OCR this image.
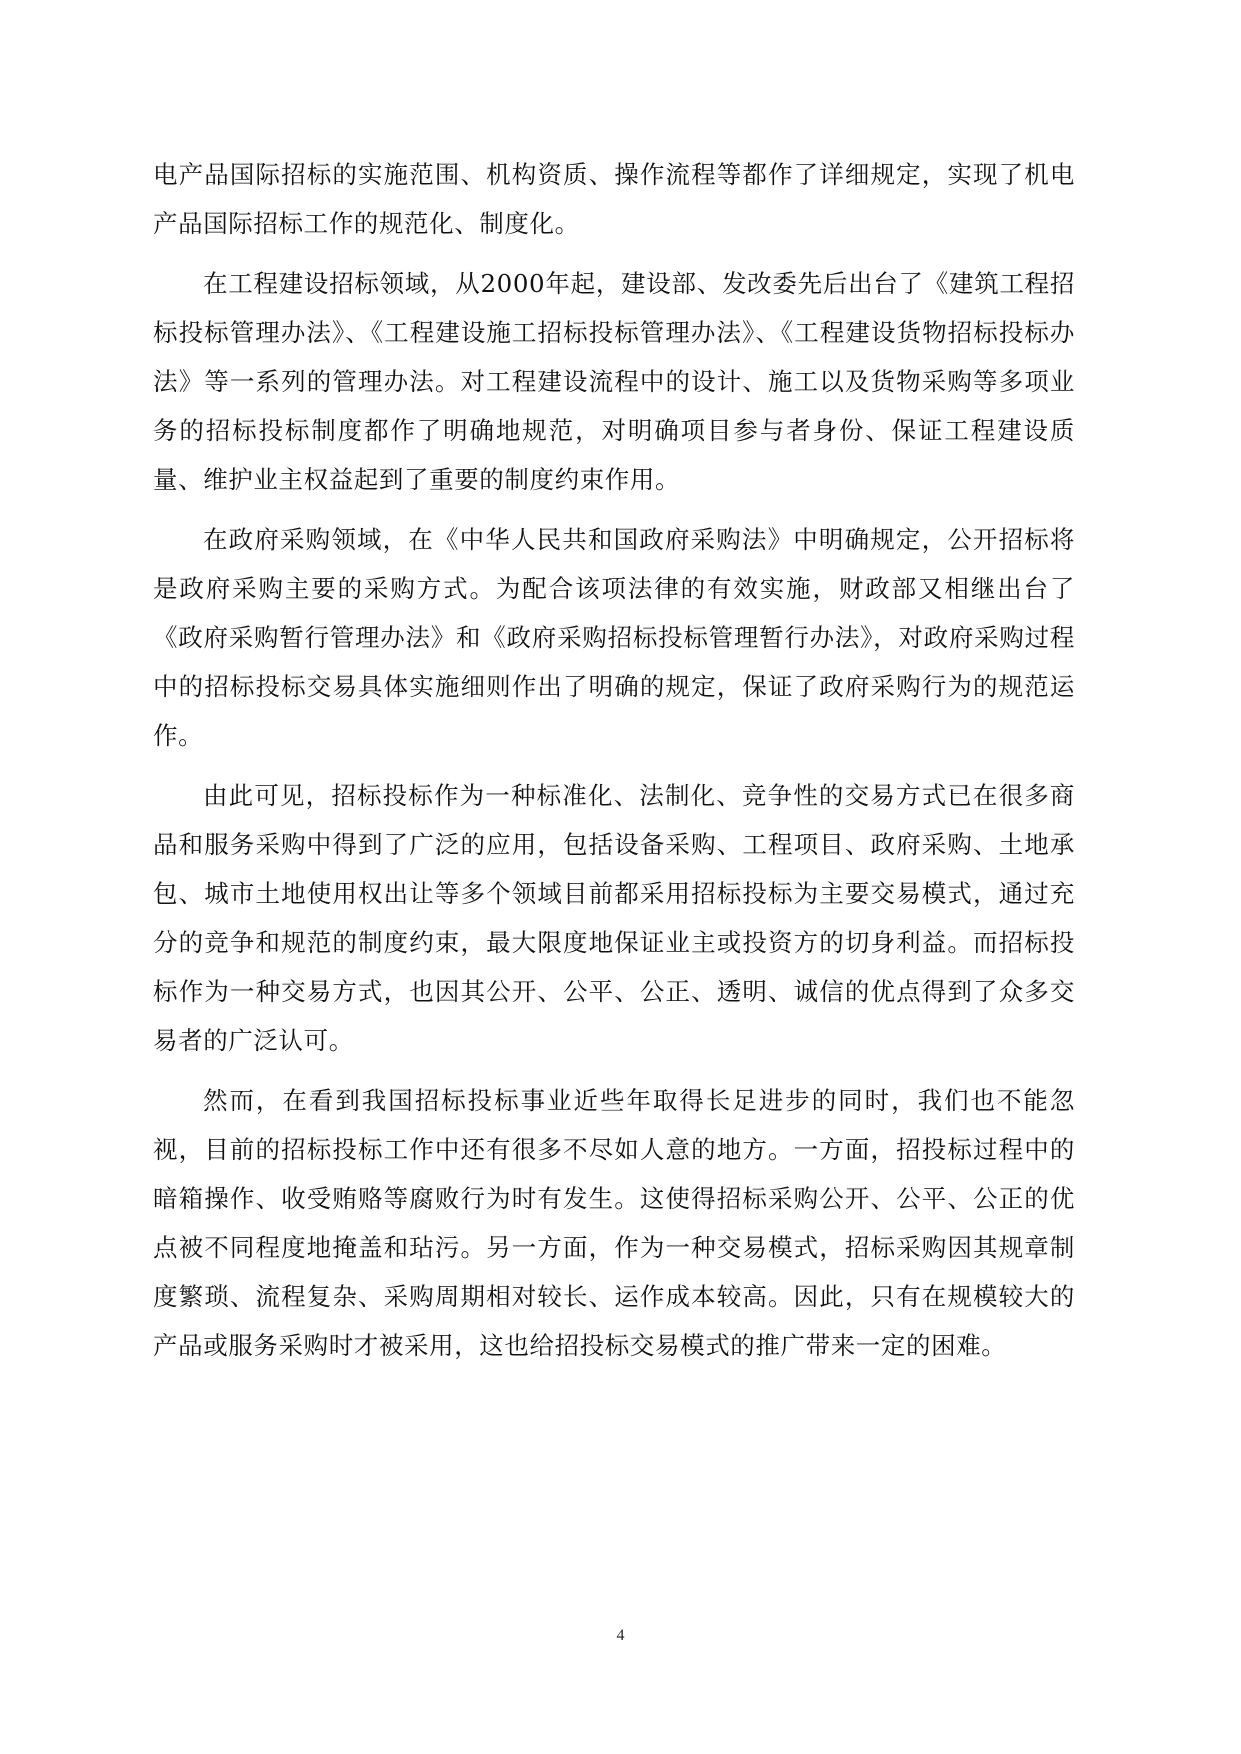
电产品国际招标的实施范围、机构资质、操作流程等都作了详细规定，实现了机电产品国际招标工作的规范化、制度化。

在工程建设招标领域，从2000年起，建设部、发改委先后出台了《建筑工程招标投标管理办法》、《工程建设施工招标投标管理办法》、《工程建设货物招标投标办法》等一系列的管理办法。对工程建设流程中的设计、施工以及货物采购等多项业务的招标投标制度都作了明确地规范，对明确项目参与者身份、保证工程建设质量、维护业主权益起到了重要的制度约束作用。

在政府采购领域，在《中华人民共和国政府采购法》中明确规定，公开招标将是政府采购主要的采购方式。为配合该项法律的有效实施，财政部又相继出台了《政府采购暂行管理办法》和《政府采购招标投标管理暂行办法》，对政府采购过程中的招标投标交易具体实施细则作出了明确的规定，保证了政府采购行为的规范运作。

由此可见，招标投标作为一种标准化、法制化、竞争性的交易方式已在很多商品和服务采购中得到了广泛的应用，包括设备采购、工程项目、政府采购、土地承包、城市土地使用权出让等多个领域目前都采用招标投标为主要交易模式，通过充分的竞争和规范的制度约束，最大限度地保证业主或投资方的切身利益。而招标投标作为一种交易方式，也因其公开、公平、公正、透明、诚信的优点得到了众多交易者的广泛认可。

然而，在看到我国招标投标事业近些年取得长足进步的同时，我们也不能忽视，目前的招标投标工作中还有很多不尽如人意的地方。一方面，招投标过程中的暗箱操作、收受贿赂等腐败行为时有发生。这使得招标采购公开、公平、公正的优点被不同程度地掩盖和玷污。另一方面，作为一种交易模式，招标采购因其规章制度繁琐、流程复杂、采购周期相对较长、运作成本较高。因此，只有在规模较大的产品或服务采购时才被采用，这也给招投标交易模式的推广带来一定的困难。

4
